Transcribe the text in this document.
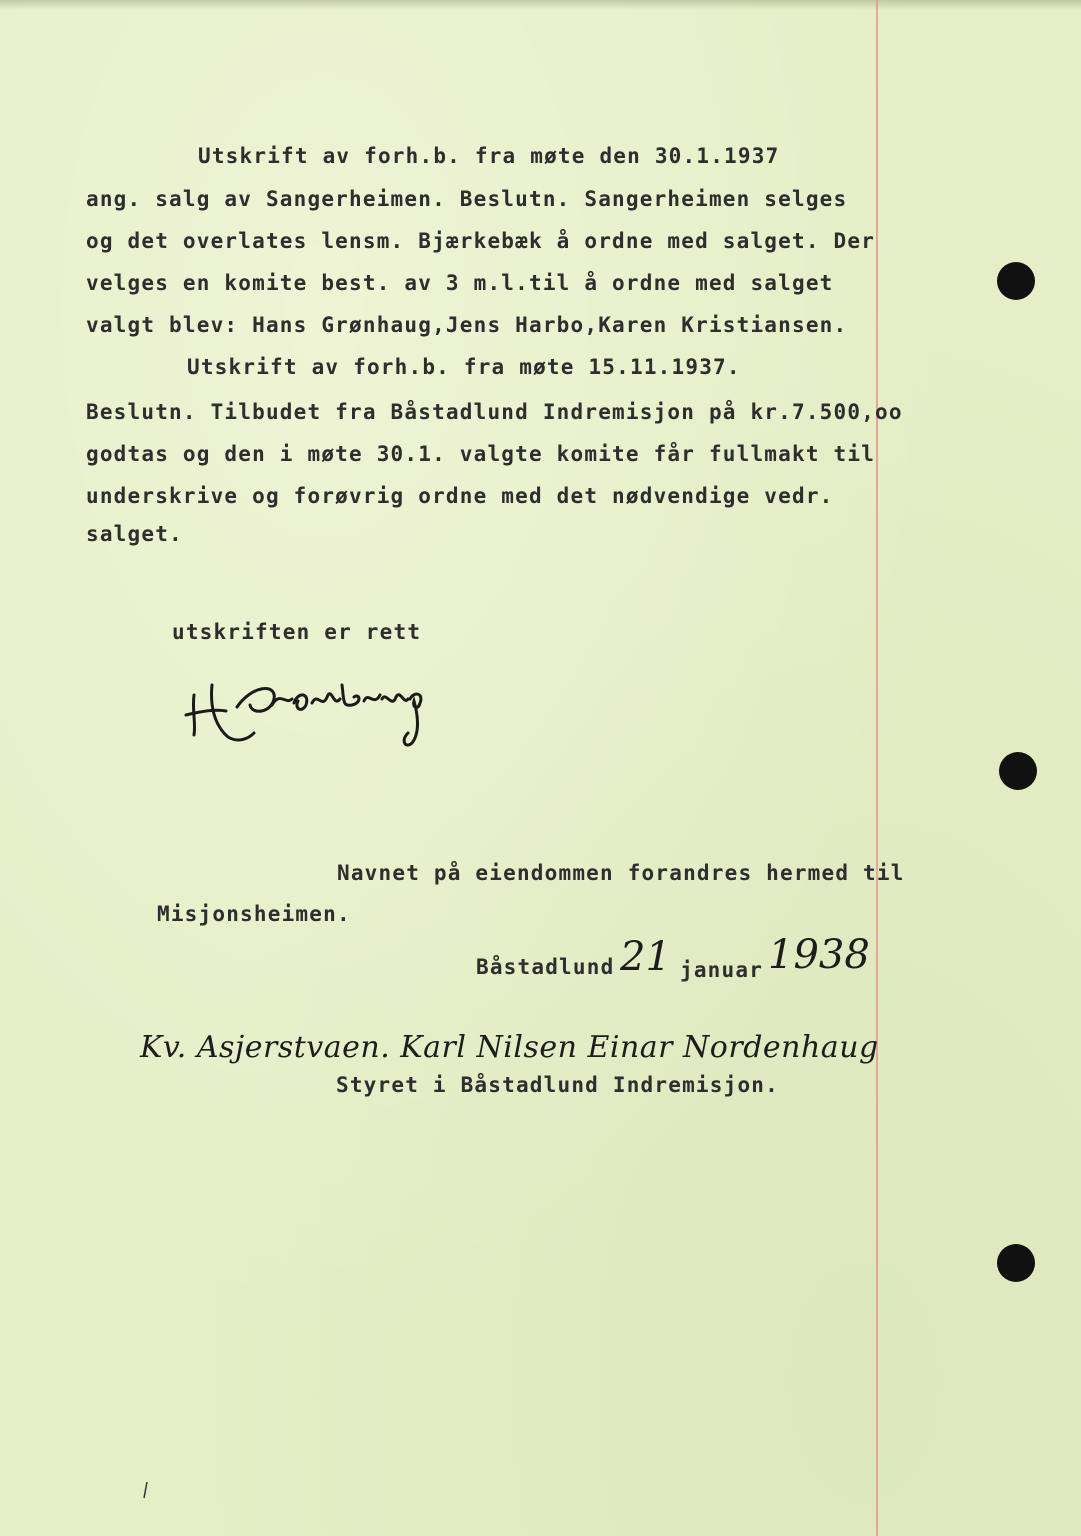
Utskrift av forh.b. fra møte den 30.1.1937
ang. salg av Sangerheimen. Beslutn. Sangerheimen selges
og det overlates lensm. Bjærkebæk å ordne med salget. Der
velges en komite best. av 3 m.l.til å ordne med salget
valgt blev: Hans Grønhaug,Jens Harbo,Karen Kristiansen.
Utskrift av forh.b. fra møte 15.11.1937.
Beslutn. Tilbudet fra Båstadlund Indremisjon på kr.7.500,oo
godtas og den i møte 30.1. valgte komite får fullmakt til
underskrive og forøvrig ordne med det nødvendige vedr.
salget.
utskriften er rett
Navnet på eiendommen forandres hermed til
Misjonsheimen.
Båstadlund 21 januar 1938
Kv. Asjerstvaen. Karl Nilsen Einar Nordenhaug
Styret i Båstadlund Indremisjon.
